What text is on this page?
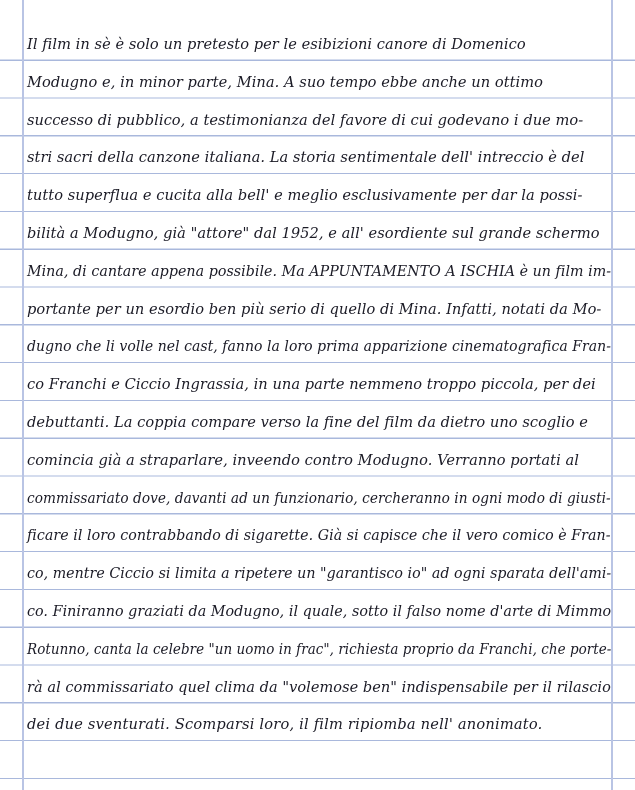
Il film in sè è solo un pretesto per le esibizioni canore di Domenico
Modugno e, in minor parte, Mina. A suo tempo ebbe anche un ottimo
successo di pubblico, a testimonianza del favore di cui godevano i due mo-
stri sacri della canzone italiana. La storia sentimentale dell' intreccio è del
tutto superflua e cucita alla bell' e meglio esclusivamente per dar la possi-
bilità a Modugno, già "attore" dal 1952, e all' esordiente sul grande schermo
Mina, di cantare appena possibile. Ma APPUNTAMENTO A ISCHIA è un film im-
portante per un esordio ben più serio di quello di Mina. Infatti, notati da Mo-
dugno che li volle nel cast, fanno la loro prima apparizione cinematografica Fran-
co Franchi e Ciccio Ingrassia, in una parte nemmeno troppo piccola, per dei
debuttanti. La coppia compare verso la fine del film da dietro uno scoglio e
comincia già a straparlare, inveendo contro Modugno. Verranno portati al
commissariato dove, davanti ad un funzionario, cercheranno in ogni modo di giusti-
ficare il loro contrabbando di sigarette. Già si capisce che il vero comico è Fran-
co, mentre Ciccio si limita a ripetere un "garantisco io" ad ogni sparata dell'ami-
co. Finiranno graziati da Modugno, il quale, sotto il falso nome d'arte di Mimmo
Rotunno, canta la celebre "un uomo in frac", richiesta proprio da Franchi, che porte-
rà al commissariato quel clima da "volemose ben" indispensabile per il rilascio
dei due sventurati. Scomparsi loro, il film ripiomba nell' anonimato.
